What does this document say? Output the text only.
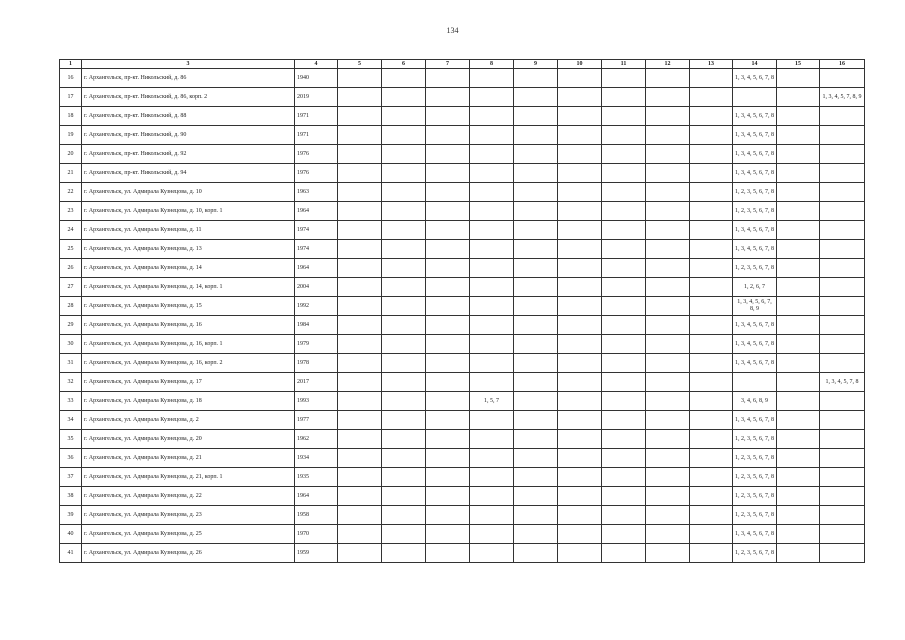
134
1	3	4	5	6	7	8	9	10	11	12	13	14	15	16
16	г. Архангельск, пр-кт. Никольский, д. 86	1940										1, 3, 4, 5, 6, 7, 8		
17	г. Архангельск, пр-кт. Никольский, д. 86, корп. 2	2019												1, 3, 4, 5, 7, 8, 9
18	г. Архангельск, пр-кт. Никольский, д. 88	1971										1, 3, 4, 5, 6, 7, 8		
19	г. Архангельск, пр-кт. Никольский, д. 90	1971										1, 3, 4, 5, 6, 7, 8		
20	г. Архангельск, пр-кт. Никольский, д. 92	1976										1, 3, 4, 5, 6, 7, 8		
21	г. Архангельск, пр-кт. Никольский, д. 94	1976										1, 3, 4, 5, 6, 7, 8		
22	г. Архангельск, ул. Адмирала Кузнецова, д. 10	1963										1, 2, 3, 5, 6, 7, 8		
23	г. Архангельск, ул. Адмирала Кузнецова, д. 10, корп. 1	1964										1, 2, 3, 5, 6, 7, 8		
24	г. Архангельск, ул. Адмирала Кузнецова, д. 11	1974										1, 3, 4, 5, 6, 7, 8		
25	г. Архангельск, ул. Адмирала Кузнецова, д. 13	1974										1, 3, 4, 5, 6, 7, 8		
26	г. Архангельск, ул. Адмирала Кузнецова, д. 14	1964										1, 2, 3, 5, 6, 7, 8		
27	г. Архангельск, ул. Адмирала Кузнецова, д. 14, корп. 1	2004										1, 2, 6, 7		
28	г. Архангельск, ул. Адмирала Кузнецова, д. 15	1992										1, 3, 4, 5, 6, 7, 8, 9		
29	г. Архангельск, ул. Адмирала Кузнецова, д. 16	1984										1, 3, 4, 5, 6, 7, 8		
30	г. Архангельск, ул. Адмирала Кузнецова, д. 16, корп. 1	1979										1, 3, 4, 5, 6, 7, 8		
31	г. Архангельск, ул. Адмирала Кузнецова, д. 16, корп. 2	1978										1, 3, 4, 5, 6, 7, 8		
32	г. Архангельск, ул. Адмирала Кузнецова, д. 17	2017												1, 3, 4, 5, 7, 8
33	г. Архангельск, ул. Адмирала Кузнецова, д. 18	1993				1, 5, 7						3, 4, 6, 8, 9		
34	г. Архангельск, ул. Адмирала Кузнецова, д. 2	1977										1, 3, 4, 5, 6, 7, 8		
35	г. Архангельск, ул. Адмирала Кузнецова, д. 20	1962										1, 2, 3, 5, 6, 7, 8		
36	г. Архангельск, ул. Адмирала Кузнецова, д. 21	1934										1, 2, 3, 5, 6, 7, 8		
37	г. Архангельск, ул. Адмирала Кузнецова, д. 21, корп. 1	1935										1, 2, 3, 5, 6, 7, 8		
38	г. Архангельск, ул. Адмирала Кузнецова, д. 22	1964										1, 2, 3, 5, 6, 7, 8		
39	г. Архангельск, ул. Адмирала Кузнецова, д. 23	1958										1, 2, 3, 5, 6, 7, 8		
40	г. Архангельск, ул. Адмирала Кузнецова, д. 25	1970										1, 3, 4, 5, 6, 7, 8		
41	г. Архангельск, ул. Адмирала Кузнецова, д. 26	1959										1, 2, 3, 5, 6, 7, 8		
